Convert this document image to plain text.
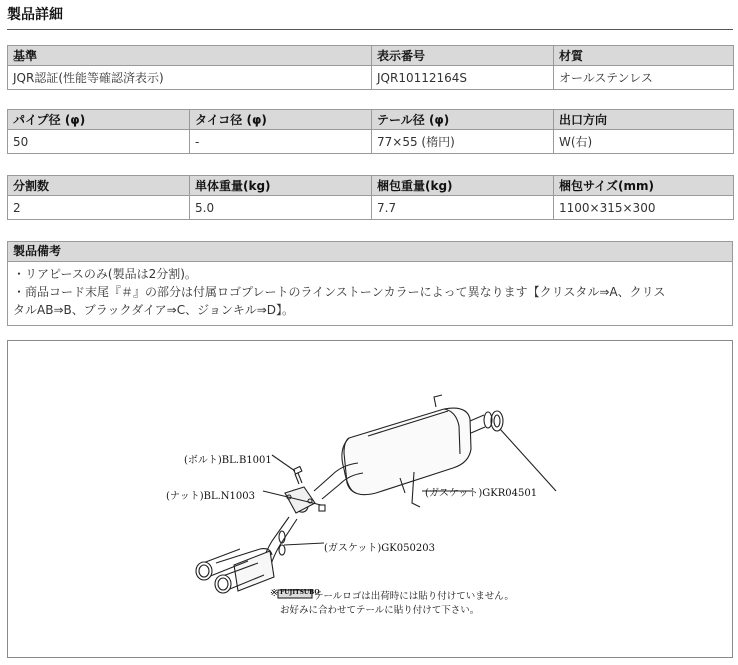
製品詳細
基準	表示番号	材質
JQR認証(性能等確認済表示)	JQR10112164S	オールステンレス
パイプ径 (φ)	タイコ径 (φ)	テール径 (φ)	出口方向
50	-	77×55 (楕円)	W(右)
分割数	単体重量(kg)	梱包重量(kg)	梱包サイズ(mm)
2	5.0	7.7	1100×315×300
製品備考
・リアピースのみ(製品は2分割)。
・商品コード末尾『＃』の部分は付属ロゴプレートのラインストーンカラーによって異なります【クリスタル⇒A、クリス
タルAB⇒B、ブラックダイア⇒C、ジョンキル⇒D】。
(ボルト)BL.B1001
(ナット)BL.N1003	(ガスケット)GKR04501
(ガスケット)GK050203
※ FUJITSUBO
テールロゴは出荷時には貼り付けていません。
お好みに合わせてテールに貼り付けて下さい。
